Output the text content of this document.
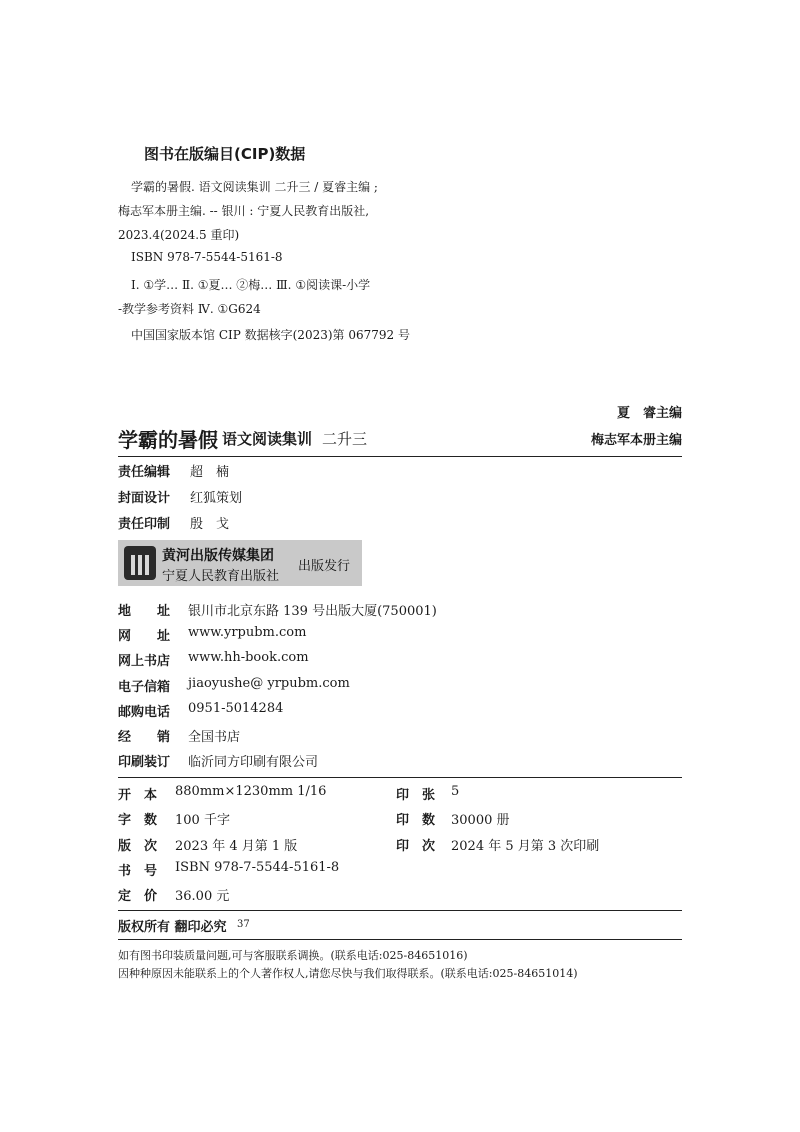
图书在版编目(CIP)数据
学霸的暑假. 语文阅读集训 二升三 / 夏睿主编 ;
梅志军本册主编. -- 银川 : 宁夏人民教育出版社,
2023.4(2024.5 重印)
ISBN 978-7-5544-5161-8
Ⅰ. ①学… Ⅱ. ①夏… ②梅… Ⅲ. ①阅读课-小学
-教学参考资料 Ⅳ. ①G624
中国国家版本馆 CIP 数据核字(2023)第 067792 号
夏　睿主编
学霸的暑假 语文阅读集训 二升三	梅志军本册主编
责任编辑 超　楠
封面设计 红狐策划
责任印制 殷　戈
黄河出版传媒集团
宁夏人民教育出版社
出版发行
地　　址 银川市北京东路 139 号出版大厦(750001)
网　　址 www.yrpubm.com
网上书店 www.hh-book.com
电子信箱 jiaoyushe@ yrpubm.com
邮购电话 0951-5014284
经　　销 全国书店
印刷装订 临沂同方印刷有限公司
开　本 880mm×1230mm 1/16
字　数 100 千字
版　次 2023 年 4 月第 1 版
书　号 ISBN 978-7-5544-5161-8
定　价 36.00 元
印　张 5
印　数 30000 册
印　次 2024 年 5 月第 3 次印刷
版权所有 翻印必究 37
如有图书印装质量问题,可与客服联系调换。(联系电话:025-84651016)
因种种原因未能联系上的个人著作权人,请您尽快与我们取得联系。(联系电话:025-84651014)
